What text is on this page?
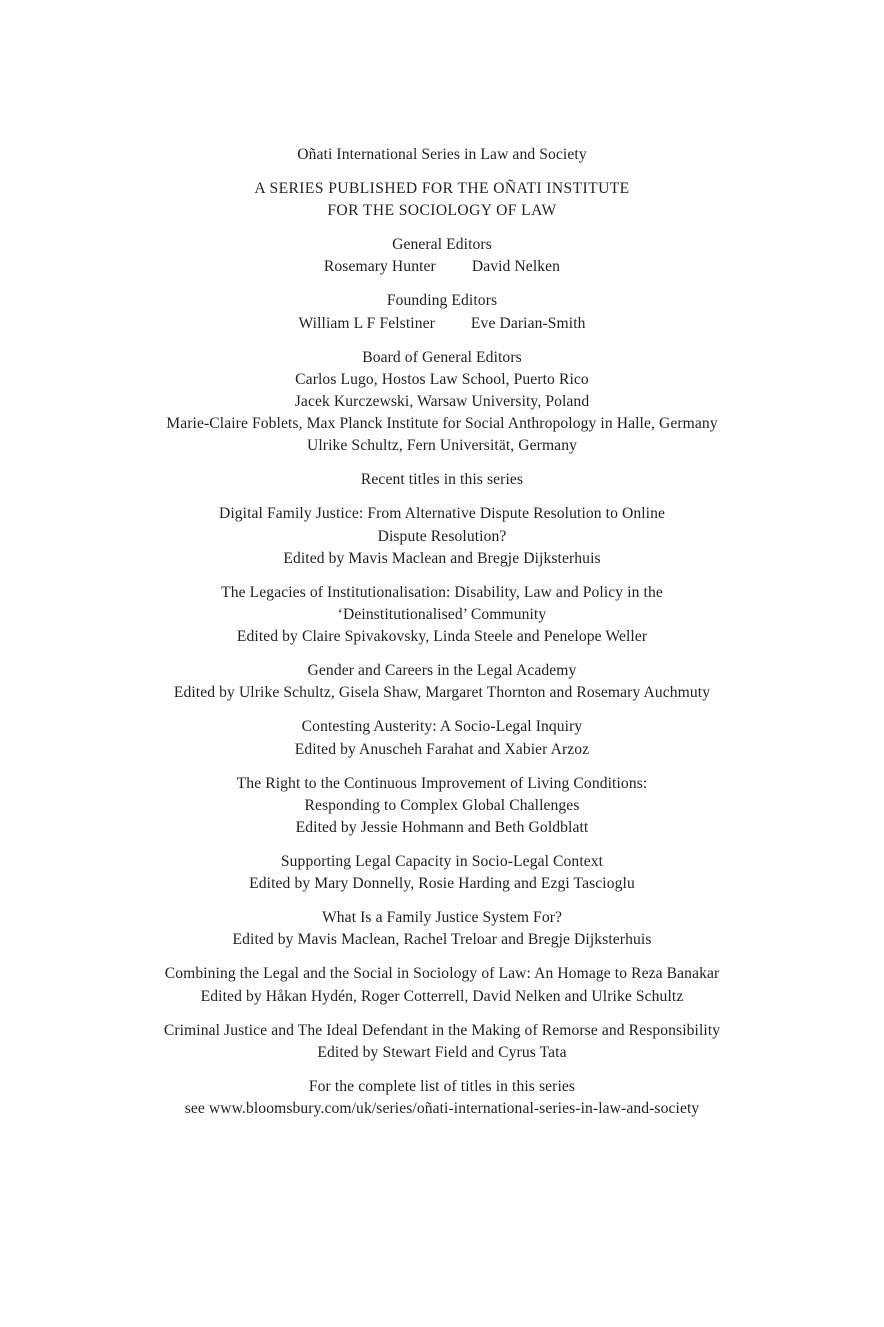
Oñati International Series in Law and Society
A SERIES PUBLISHED FOR THE OÑATI INSTITUTE
FOR THE SOCIOLOGY OF LAW
General Editors
Rosemary Hunter David Nelken
Founding Editors
William L F Felstiner Eve Darian-Smith
Board of General Editors
Carlos Lugo, Hostos Law School, Puerto Rico
Jacek Kurczewski, Warsaw University, Poland
Marie-Claire Foblets, Max Planck Institute for Social Anthropology in Halle, Germany
Ulrike Schultz, Fern Universität, Germany
Recent titles in this series
Digital Family Justice: From Alternative Dispute Resolution to Online
Dispute Resolution?
Edited by Mavis Maclean and Bregje Dijksterhuis
The Legacies of Institutionalisation: Disability, Law and Policy in the
‘Deinstitutionalised’ Community
Edited by Claire Spivakovsky, Linda Steele and Penelope Weller
Gender and Careers in the Legal Academy
Edited by Ulrike Schultz, Gisela Shaw, Margaret Thornton and Rosemary Auchmuty
Contesting Austerity: A Socio-Legal Inquiry
Edited by Anuscheh Farahat and Xabier Arzoz
The Right to the Continuous Improvement of Living Conditions:
Responding to Complex Global Challenges
Edited by Jessie Hohmann and Beth Goldblatt
Supporting Legal Capacity in Socio-Legal Context
Edited by Mary Donnelly, Rosie Harding and Ezgi Tascioglu
What Is a Family Justice System For?
Edited by Mavis Maclean, Rachel Treloar and Bregje Dijksterhuis
Combining the Legal and the Social in Sociology of Law: An Homage to Reza Banakar
Edited by Håkan Hydén, Roger Cotterrell, David Nelken and Ulrike Schultz
Criminal Justice and The Ideal Defendant in the Making of Remorse and Responsibility
Edited by Stewart Field and Cyrus Tata
For the complete list of titles in this series
see www.bloomsbury.com/uk/series/oñati-international-series-in-law-and-society
